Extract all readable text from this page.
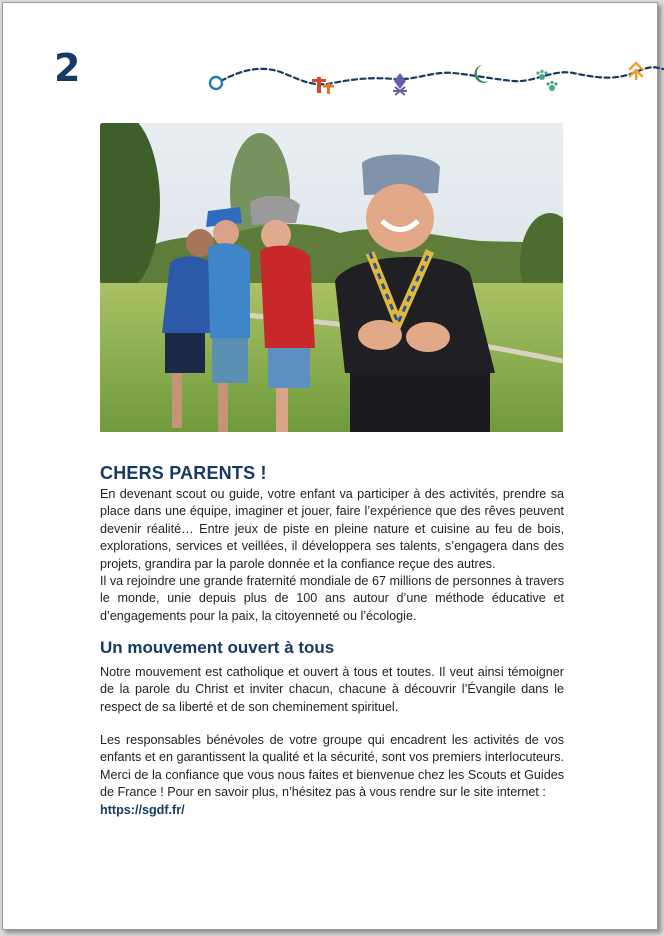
2
CHERS PARENTS !

En devenant scout ou guide, votre enfant va participer à des activités, prendre sa place dans une équipe, imaginer et jouer, faire l’expérience que des rêves peuvent devenir réalité… Entre jeux de piste en pleine nature et cuisine au feu de bois, explorations, services et veillées, il développera ses talents, s’engagera dans des projets, grandira par la parole donnée et la confiance reçue des autres.
Il va rejoindre une grande fraternité mondiale de 67 millions de personnes à travers le monde, unie depuis plus de 100 ans autour d’une méthode éducative et d’engagements pour la paix, la citoyenneté ou l’écologie.

Un mouvement ouvert à tous

Notre mouvement est catholique et ouvert à tous et toutes. Il veut ainsi témoigner de la parole du Christ et inviter chacun, chacune à découvrir l’Évangile dans le respect de sa liberté et de son cheminement spirituel.

Les responsables bénévoles de votre groupe qui encadrent les activités de vos enfants et en garantissent la qualité et la sécurité, sont vos premiers interlocuteurs. Merci de la confiance que vous nous faites et bienvenue chez les Scouts et Guides de France ! Pour en savoir plus, n’hésitez pas à vous rendre sur le site internet :
https://sgdf.fr/
